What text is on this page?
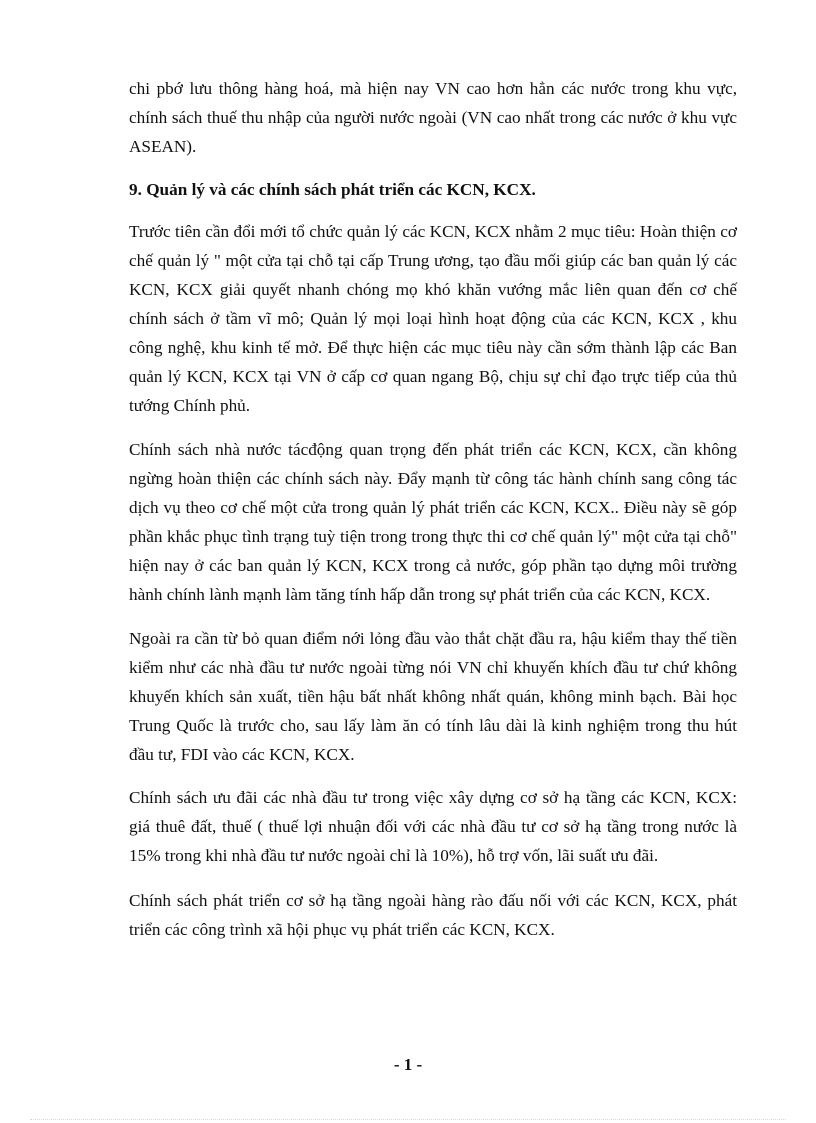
chi pbớ lưu thông hàng hoá, mà hiện nay VN cao hơn hẳn các nước trong khu vực, chính sách thuế thu nhập của người nước ngoài (VN cao nhất trong các nước ở khu vực ASEAN).

9. Quản lý và các chính sách phát triển các KCN, KCX.

Trước tiên cần đổi mới tổ chức quản lý các KCN, KCX nhằm 2 mục tiêu: Hoàn thiện cơ chế quản lý " một cửa tại chỗ tại cấp Trung ương, tạo đầu mối giúp các ban quản lý các KCN, KCX giải quyết nhanh chóng mọ khó khăn vướng mắc liên quan đến cơ chế chính sách ở tầm vĩ mô; Quản lý mọi loại hình hoạt động của các KCN, KCX , khu công nghệ, khu kinh tế mở. Để thực hiện các mục tiêu này cần sớm thành lập các Ban quản lý KCN, KCX tại VN ở cấp cơ quan ngang Bộ, chịu sự chỉ đạo trực tiếp của thủ tướng Chính phủ.

Chính sách nhà nước tácđộng quan trọng đến phát triển các KCN, KCX, cần không ngừng hoàn thiện các chính sách này. Đẩy mạnh từ công tác hành chính sang công tác dịch vụ theo cơ chế một cửa trong quản lý phát triển các KCN, KCX.. Điều này sẽ góp phần khắc phục tình trạng tuỳ tiện trong trong thực thi cơ chế quản lý" một cửa tại chỗ" hiện nay ở các ban quản lý KCN, KCX trong cả nước, góp phần tạo dựng môi trường hành chính lành mạnh làm tăng tính hấp dẫn trong sự phát triển của các KCN, KCX.

Ngoài ra cần từ bỏ quan điểm nới lỏng đầu vào thắt chặt đầu ra, hậu kiểm thay thế tiền kiểm như các nhà đầu tư nước ngoài từng nói VN chỉ khuyến khích đầu tư chứ không khuyến khích sản xuất, tiền hậu bất nhất không nhất quán, không minh bạch. Bài học Trung Quốc là trước cho, sau lấy làm ăn có tính lâu dài là kinh nghiệm trong thu hút đầu tư, FDI vào các KCN, KCX.

Chính sách ưu đãi các nhà đầu tư trong việc xây dựng cơ sở hạ tầng các KCN, KCX: giá thuê đất, thuế ( thuế lợi nhuận đối với các nhà đầu tư cơ sở hạ tầng trong nước là 15% trong khi nhà đầu tư nước ngoài chỉ là 10%), hỗ trợ vốn, lãi suất ưu đãi.

Chính sách phát triển cơ sở hạ tầng ngoài hàng rào đấu nối với các KCN, KCX, phát triển các công trình xã hội phục vụ phát triển các KCN, KCX.

- 1 -
